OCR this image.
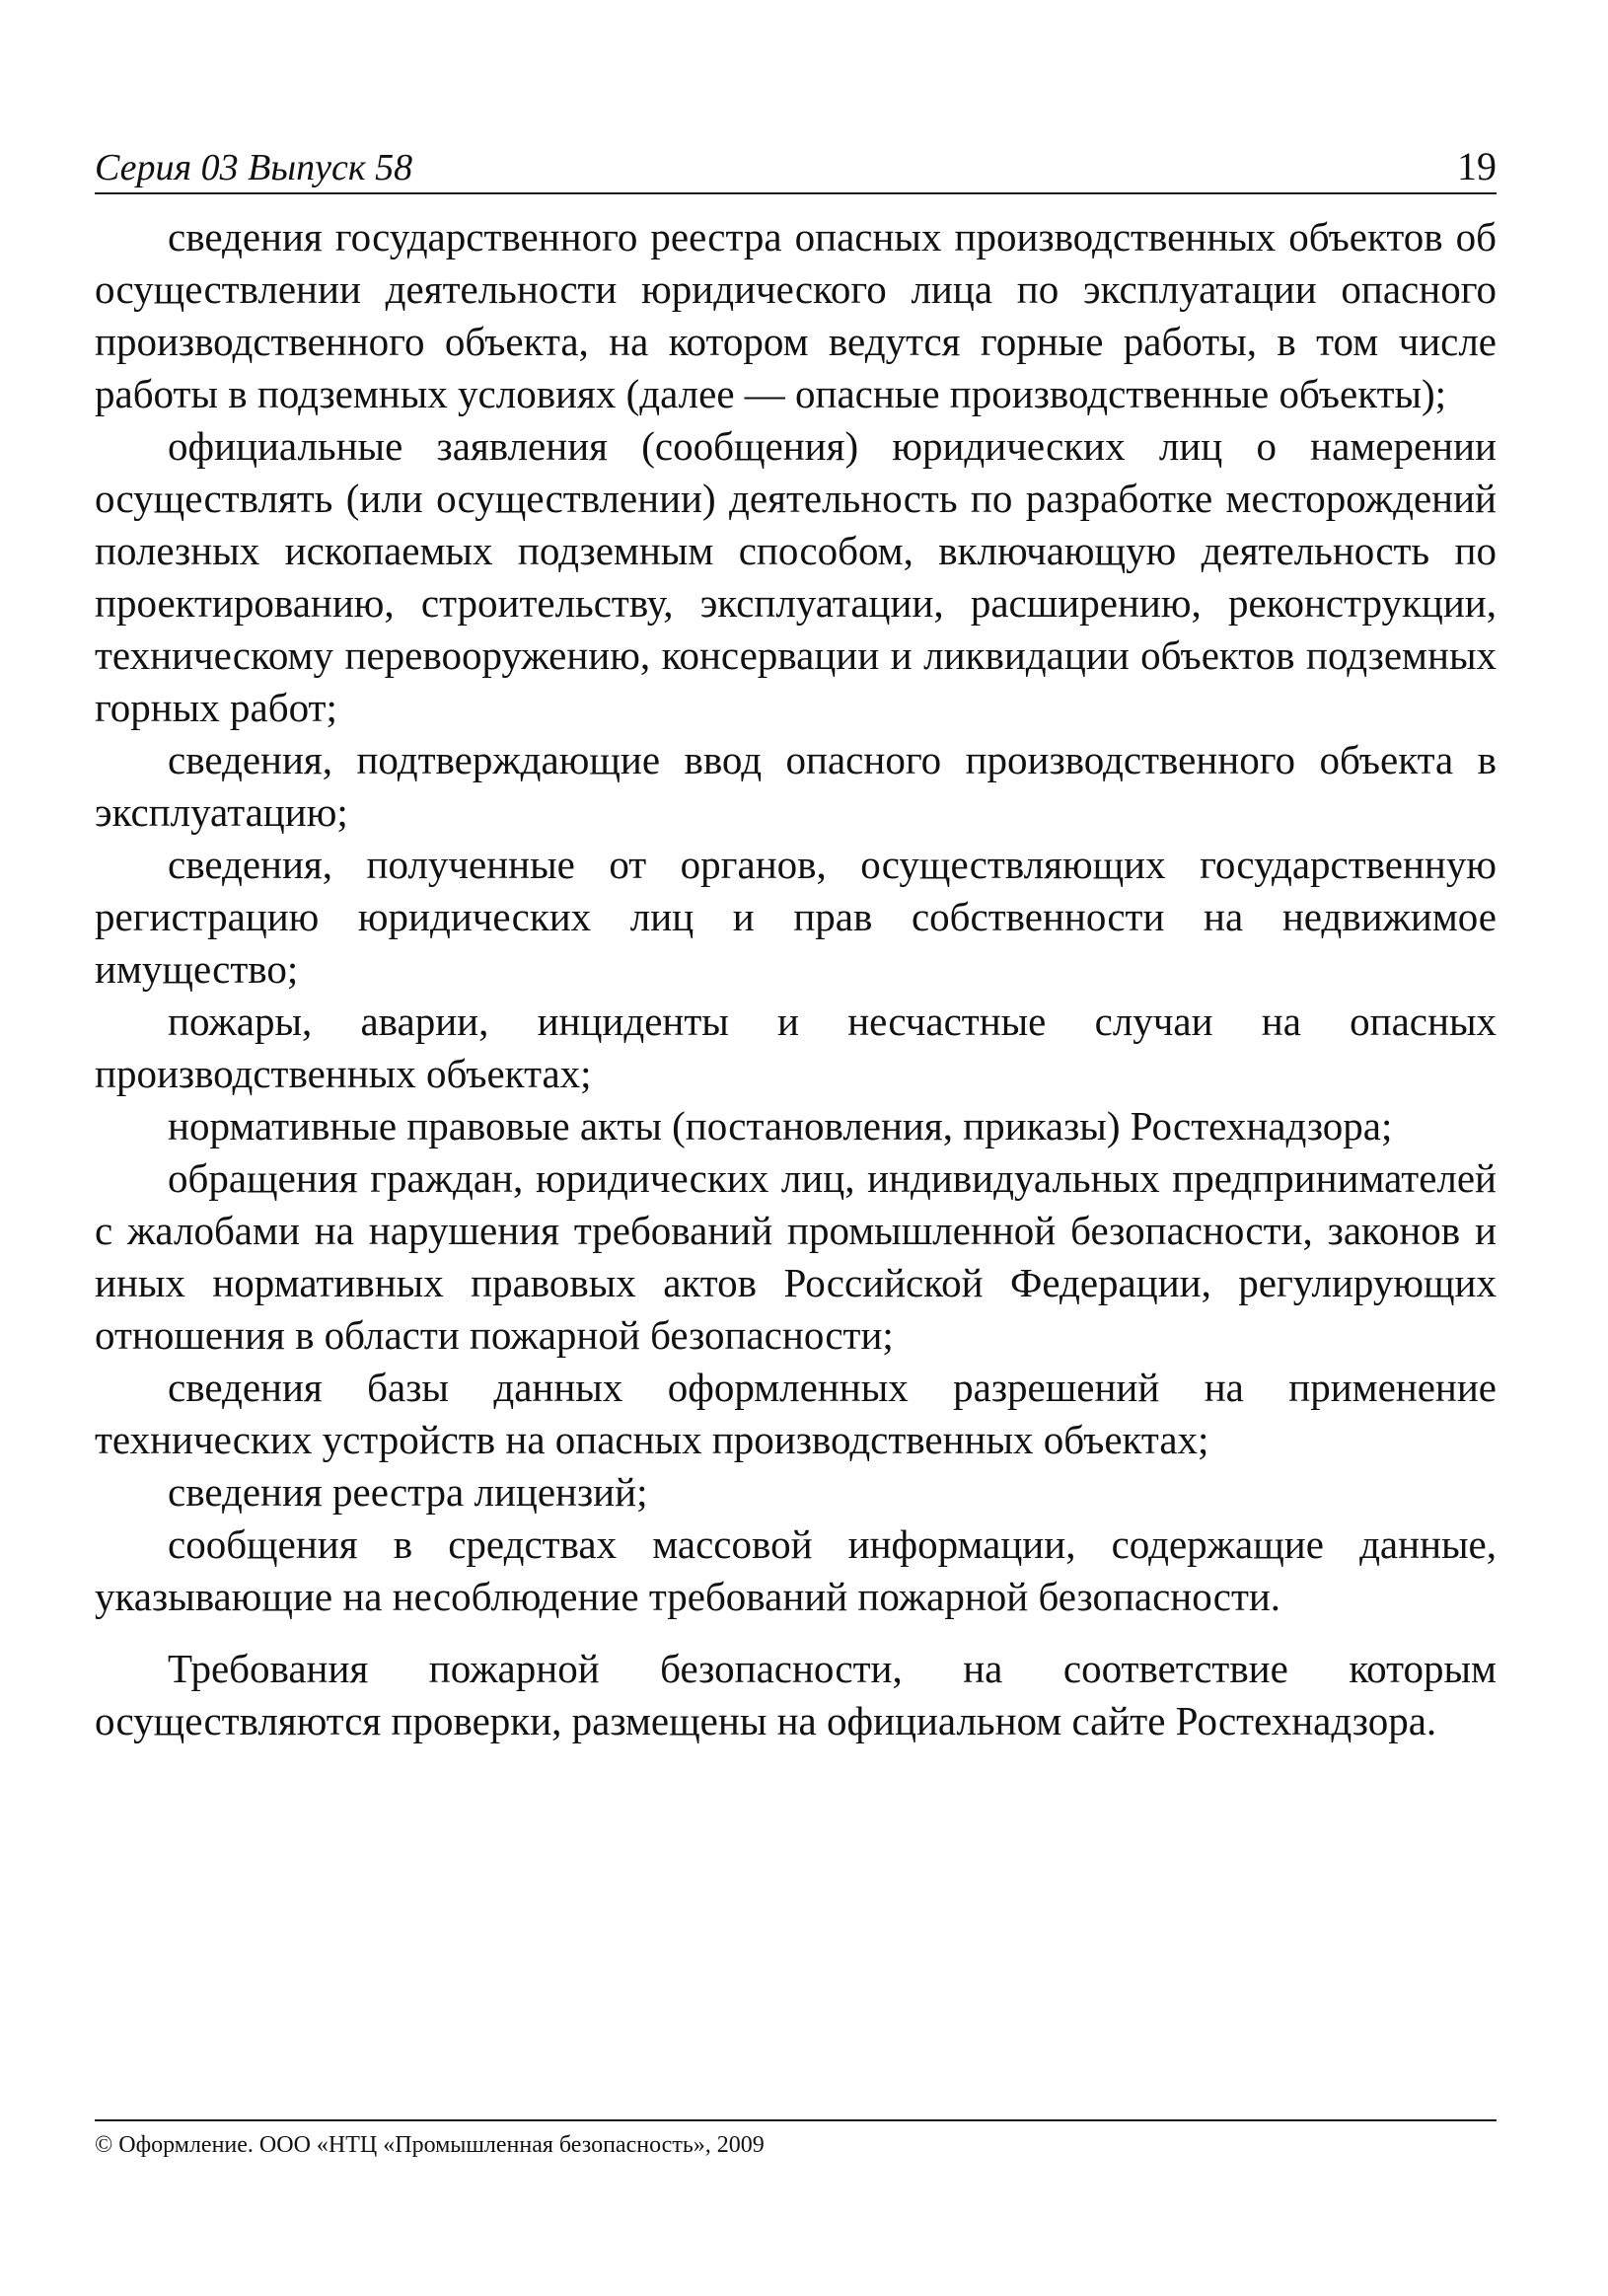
Серия 03 Выпуск 58	19

сведения государственного реестра опасных производственных объектов об осуществлении деятельности юридического лица по эксплуатации опасного производственного объекта, на котором ведутся горные работы, в том числе работы в подземных условиях (далее — опасные производственные объекты);

официальные заявления (сообщения) юридических лиц о намерении осуществлять (или осуществлении) деятельность по разработке месторождений полезных ископаемых подземным способом, включающую деятельность по проектированию, строительству, эксплуатации, расширению, реконструкции, техническому перевооружению, консервации и ликвидации объектов подземных горных работ;

сведения, подтверждающие ввод опасного производственного объекта в эксплуатацию;

сведения, полученные от органов, осуществляющих государственную регистрацию юридических лиц и прав собственности на недвижимое имущество;

пожары, аварии, инциденты и несчастные случаи на опасных производственных объектах;

нормативные правовые акты (постановления, приказы) Ростехнадзора;

обращения граждан, юридических лиц, индивидуальных предпринимателей с жалобами на нарушения требований промышленной безопасности, законов и иных нормативных правовых актов Российской Федерации, регулирующих отношения в области пожарной безопасности;

сведения базы данных оформленных разрешений на применение технических устройств на опасных производственных объектах;

сведения реестра лицензий;

сообщения в средствах массовой информации, содержащие данные, указывающие на несоблюдение требований пожарной безопасности.

Требования пожарной безопасности, на соответствие которым осуществляются проверки, размещены на официальном сайте Ростехнадзора.

© Оформление. ООО «НТЦ «Промышленная безопасность», 2009
